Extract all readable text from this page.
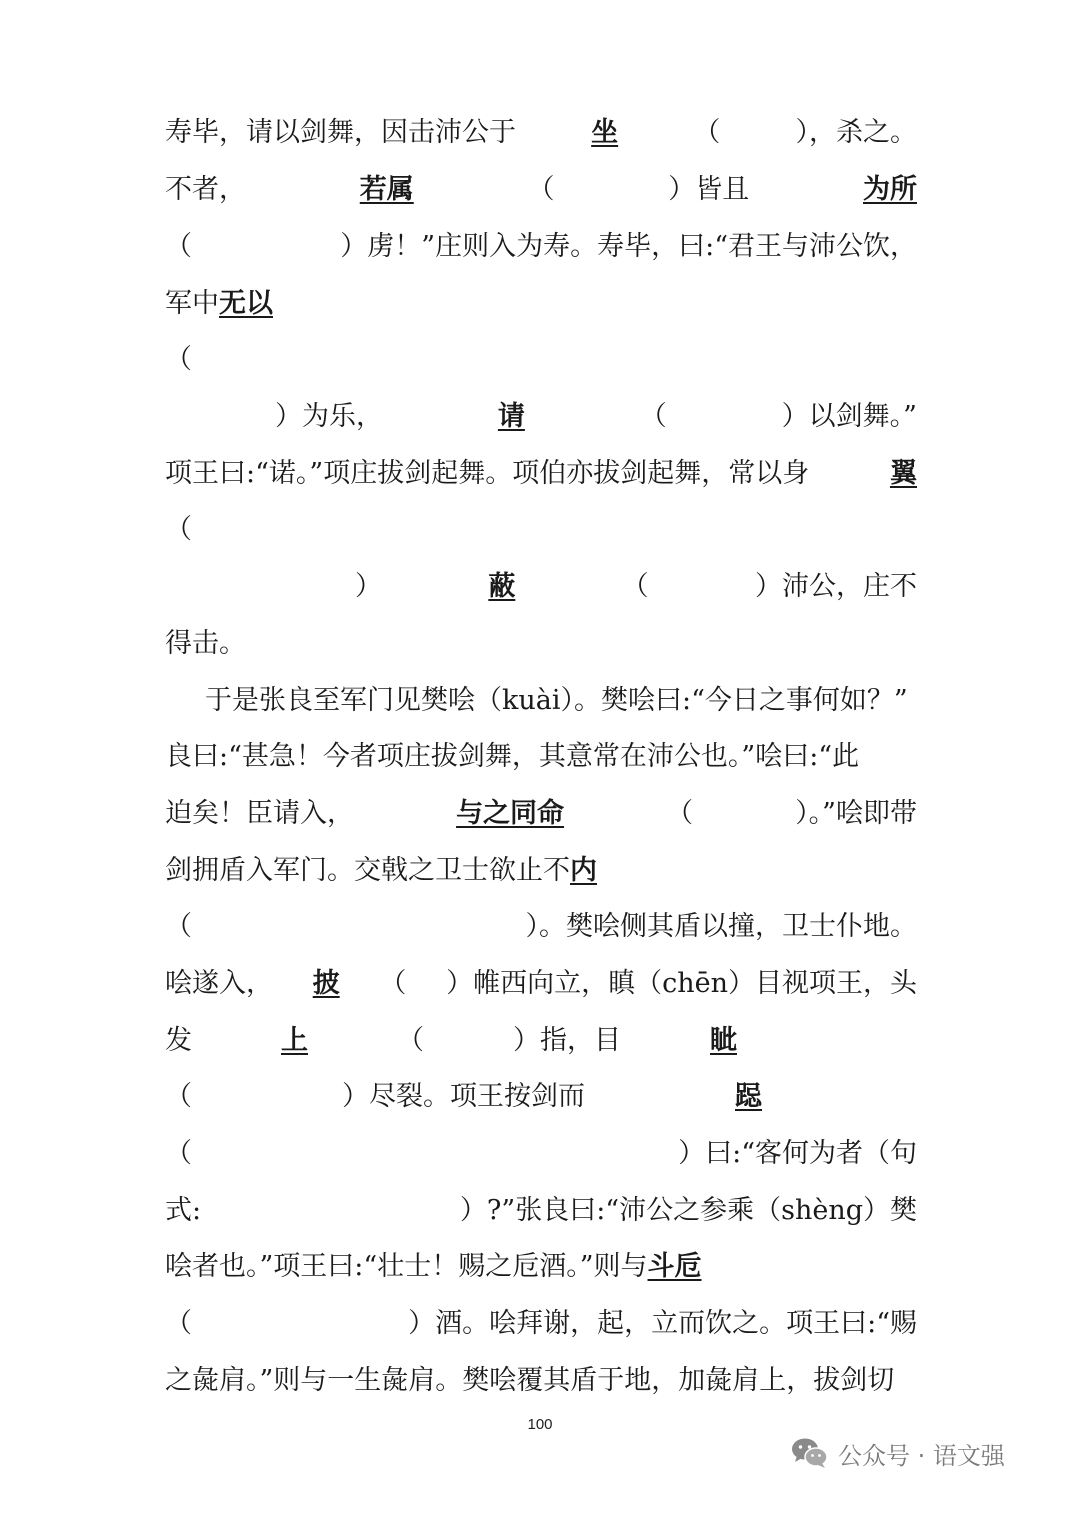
寿毕，请以剑舞，因击沛公于	坐	（	），杀之。
不者，	若属	（	）皆且	为所
（	）虏！”庄则入为寿。寿毕，曰:“君王与沛公饮，
军中无以
（
）为乐，	请	（	）以剑舞。”
项王曰:“诺。”项庄拔剑起舞。项伯亦拔剑起舞，常以身	翼
（
）	蔽	（	）沛公，庄不
得击。
于是张良至军门见樊哙（kuài）。樊哙曰:“今日之事何如？”
良曰:“甚急！今者项庄拔剑舞，其意常在沛公也。”哙曰:“此
迫矣！臣请入，	与之同命	（	）。”哙即带
剑拥盾入军门。交戟之卫士欲止不内
（	）。樊哙侧其盾以撞，卫士仆地。
哙遂入， 披 （ ）帷西向立，瞋（chēn）目视项王，头
发	上	（	）指，目	眦
（	）尽裂。项王按剑而	跽
（	）曰:“客何为者（句
式:	）?”张良曰:“沛公之参乘（shèng）樊
哙者也。”项王曰:“壮士！赐之卮酒。”则与斗卮
（	）酒。哙拜谢，起，立而饮之。项王曰:“赐
之彘肩。”则与一生彘肩。樊哙覆其盾于地，加彘肩上，拔剑切
100
公众号 · 语文强
